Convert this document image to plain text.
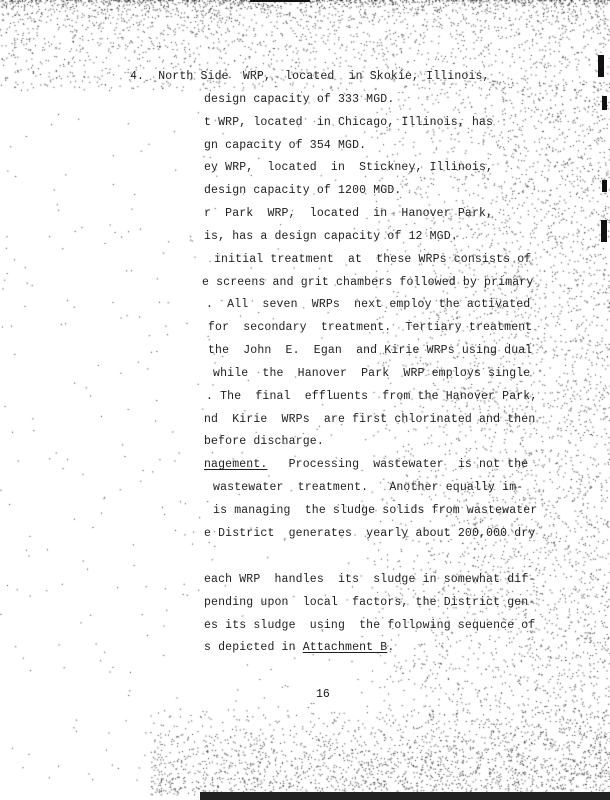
4.  North Side  WRP,  located  in Skokie, Illinois,
design capacity of 333 MGD.
t WRP, located  in Chicago, Illinois, has
gn capacity of 354 MGD.
ey WRP,  located  in  Stickney, Illinois,
design capacity of 1200 MGD.
r  Park  WRP,  located  in  Hanover Park,
is, has a design capacity of 12 MGD.
initial treatment  at  these WRPs consists of
e screens and grit chambers followed by primary
.  All  seven  WRPs  next employ the activated
for  secondary  treatment.  Tertiary treatment
the  John  E.  Egan  and Kirie WRPs using dual
while  the  Hanover  Park  WRP employs single
. The  final  effluents  from the Hanover Park,
nd  Kirie  WRPs  are first chlorinated and then
before discharge.
nagement.   Processing  wastewater  is not the
wastewater  treatment.   Another equally im-
is managing  the sludge solids from wastewater
e District  generates  yearly about 200,000 dry
each WRP  handles  its  sludge in somewhat dif-
pending upon  local  factors, the District gen-
es its sludge  using  the following sequence of
s depicted in Attachment B.
16
